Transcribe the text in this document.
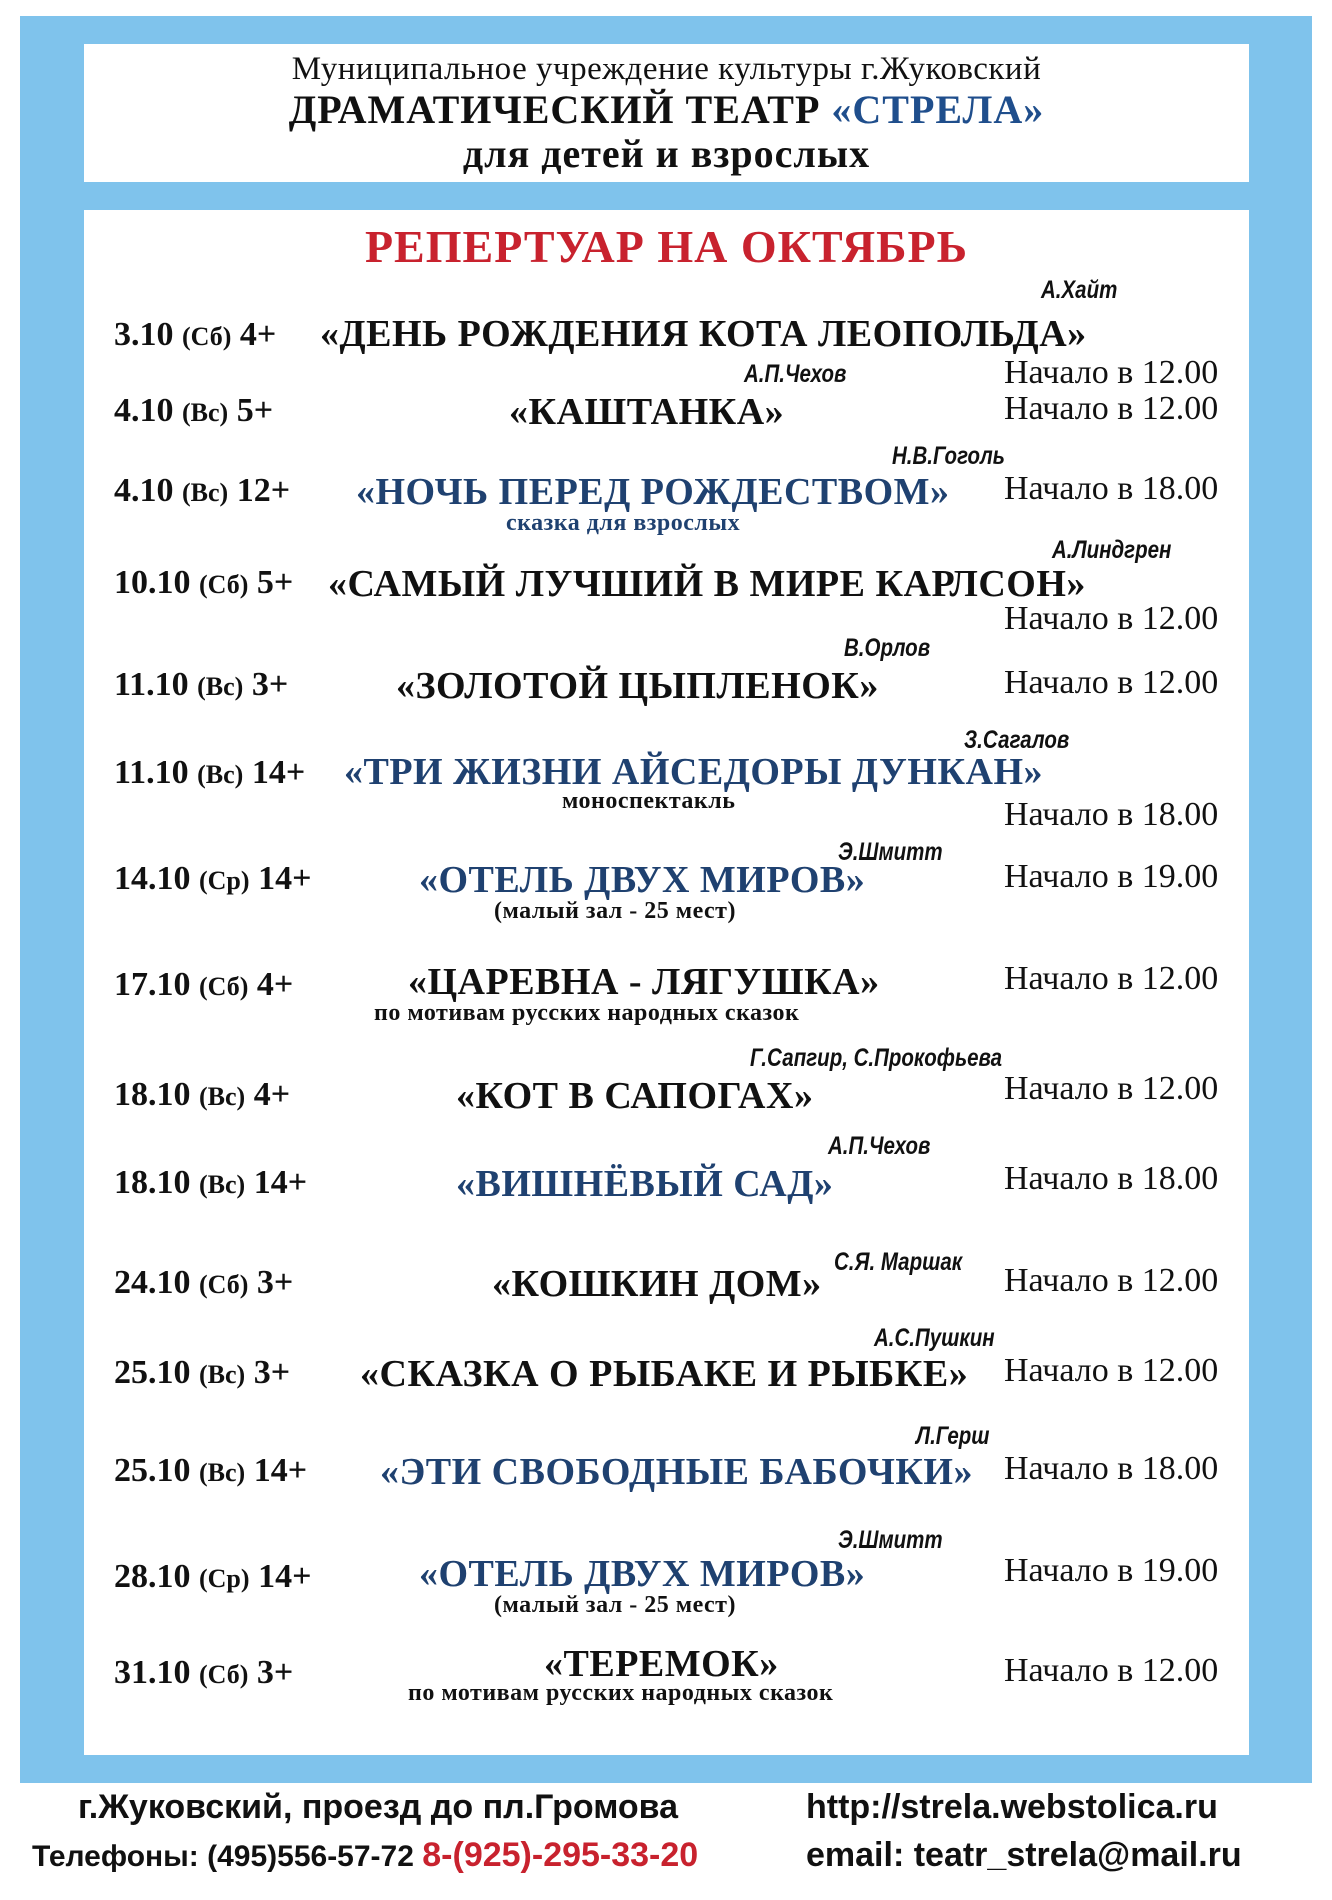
Муниципальное учреждение культуры г.Жуковский
ДРАМАТИЧЕСКИЙ ТЕАТР «СТРЕЛА»
для детей и взрослых
РЕПЕРТУАР НА ОКТЯБРЬ
А.Хайт
3.10 (Сб) 4+ «ДЕНЬ РОЖДЕНИЯ КОТА ЛЕОПОЛЬДА»
Начало в 12.00
А.П.Чехов
4.10 (Вс) 5+	«КАШТАНКА»	Начало в 12.00
Н.В.Гоголь
4.10 (Вс) 12+ «НОЧЬ ПЕРЕД РОЖДЕСТВОМ»
сказка для взрослых
Начало в 18.00
А.Линдгрен
10.10 (Сб) 5+ «САМЫЙ ЛУЧШИЙ В МИРЕ КАРЛСОН»
Начало в 12.00
В.Орлов
11.10 (Вс) 3+	«ЗОЛОТОЙ ЦЫПЛЕНОК»	Начало в 12.00
З.Сагалов
11.10 (Вс) 14+ «ТРИ ЖИЗНИ АЙСЕДОРЫ ДУНКАН»
моноспектакль	Начало в 18.00
Э.Шмитт
14.10 (Ср) 14+	«ОТЕЛЬ ДВУХ МИРОВ»
(малый зал - 25 мест)
Начало в 19.00
17.10 (Сб) 4+	«ЦАРЕВНА - ЛЯГУШКА»
по мотивам русских народных сказок
Начало в 12.00
Г.Сапгир, С.Прокофьева
18.10 (Вс) 4+	«КОТ В САПОГАХ»	Начало в 12.00
А.П.Чехов
18.10 (Вс) 14+	«ВИШНЁВЫЙ САД»	Начало в 18.00
С.Я. Маршак
24.10 (Сб) 3+	«КОШКИН ДОМ»	Начало в 12.00
А.С.Пушкин
25.10 (Вс) 3+ «СКАЗКА О РЫБАКЕ И РЫБКЕ» Начало в 12.00
Л.Герш
25.10 (Вс) 14+ «ЭТИ СВОБОДНЫЕ БАБОЧКИ» Начало в 18.00
Э.Шмитт
28.10 (Ср) 14+	«ОТЕЛЬ ДВУХ МИРОВ»
(малый зал - 25 мест)
Начало в 19.00
31.10 (Сб) 3+	«ТЕРЕМОК»
по мотивам русских народных сказок
Начало в 12.00
г.Жуковский, проезд до пл.Громова
Телефоны: (495)556-57-72 8-(925)-295-33-20
http://strela.webstolica.ru
email: teatr_strela@mail.ru
